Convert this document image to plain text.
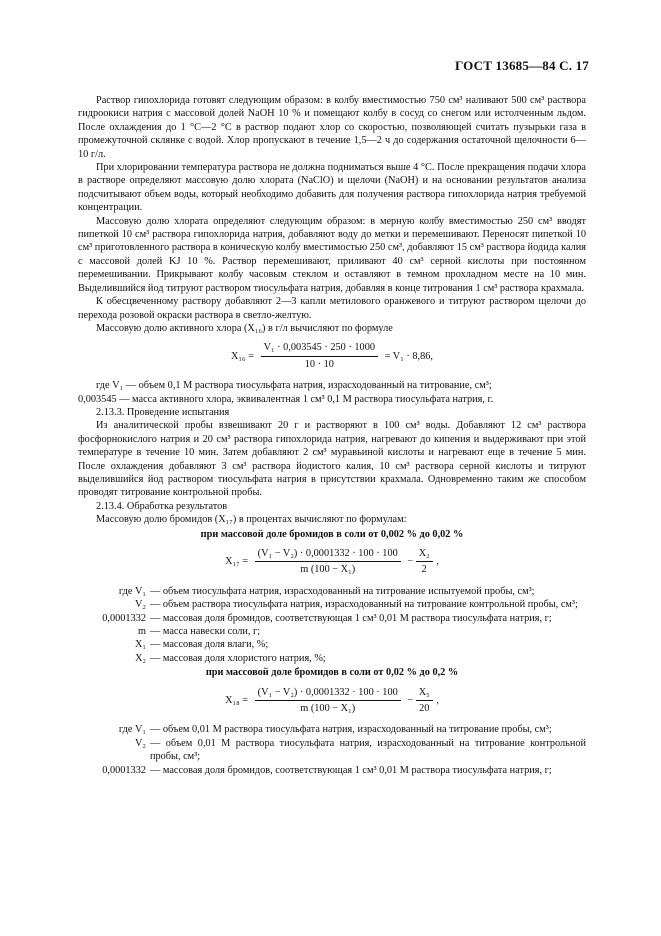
ГОСТ 13685—84 С. 17

Раствор гипохлорида готовят следующим образом: в колбу вместимостью 750 см³ наливают 500 см³ раствора гидроокиси натрия с массовой долей NaOH 10 % и помещают колбу в сосуд со снегом или истолченным льдом. После охлаждения до 1 °С—2 °С в раствор подают хлор со скоростью, позволяющей считать пузырьки газа в промежуточной склянке с водой. Хлор пропускают в течение 1,5—2 ч до содержания остаточной щелочности 6—10 г/л.

При хлорировании температура раствора не должна подниматься выше 4 °С. После прекращения подачи хлора в растворе определяют массовую долю хлората (NaClO) и щелочи (NaOH) и на основании результатов анализа подсчитывают объем воды, который необходимо добавить для получения раствора гипохлорида натрия требуемой концентрации.

Массовую долю хлората определяют следующим образом: в мерную колбу вместимостью 250 см³ вводят пипеткой 10 см³ раствора гипохлорида натрия, добавляют воду до метки и перемешивают. Переносят пипеткой 10 см³ приготовленного раствора в коническую колбу вместимостью 250 см³, добавляют 15 см³ раствора йодида калия с массовой долей KJ 10 %. Раствор перемешивают, приливают 40 см³ серной кислоты при постоянном перемешивании. Прикрывают колбу часовым стеклом и оставляют в темном прохладном месте на 10 мин. Выделившийся йод титруют раствором тиосульфата натрия, добавляя в конце титрования 1 см³ раствора крахмала.

К обесцвеченному раствору добавляют 2—3 капли метилового оранжевого и титруют раствором щелочи до перехода розовой окраски раствора в светло-желтую.

Массовую долю активного хлора (X₁₆) в г/л вычисляют по формуле

$X_{16} = \frac{\text{V₁ · 0,003545 · 250 · 1000}}{10 \cdot 10} = V_1 \cdot 8,86$,

где V₁ — объем 0,1 М раствора тиосульфата натрия, израсходованный на титрование, см³;

0,003545 — масса активного хлора, эквивалентная 1 см³ 0,1 М раствора тиосульфата натрия, г.

2.13.3. Проведение испытания

Из аналитической пробы взвешивают 20 г и растворяют в 100 см³ воды. Добавляют 12 см³ раствора фосфорнокислого натрия и 20 см³ раствора гипохлорида натрия, нагревают до кипения и выдерживают при этой температуре в течение 10 мин. Затем добавляют 2 см³ муравьиной кислоты и нагревают еще в течение 5 мин. После охлаждения добавляют 3 см³ раствора йодистого калия, 10 см³ раствора серной кислоты и титруют выделившийся йод раствором тиосульфата натрия в присутствии крахмала. Одновременно таким же способом проводят титрование контрольной пробы.

2.13.4. Обработка результатов

Массовую долю бромидов (X₁₇) в процентах вычисляют по формулам:

при массовой доле бромидов в соли от 0,002 % до 0,02 %

$X_{17} = \frac{\text{(V₁ − V₂) · 0,0001332 · 100 · 100}}{\text{m (100 − X₁)}} - \frac{\text{X₂}}{2}$ ,
где V₁ — объем тиосульфата натрия, израсходованный на титрование испытуемой пробы, см³;
V₂ — объем раствора тиосульфата натрия, израсходованный на титрование контрольной пробы, см³;
0,0001332 — массовая доля бромидов, соответствующая 1 см³ 0,01 М раствора тиосульфата натрия, г;
m — масса навески соли, г;
X₁ — массовая доля влаги, %;
X₂ — массовая доля хлористого натрия, %;

при массовой доле бромидов в соли от 0,02 % до 0,2 %

$X_{18} = \frac{\text{(V₁ − V₂) · 0,0001332 · 100 · 100}}{\text{m (100 − X₁)}} - \frac{\text{X₅}}{20}$ ,
где V₁ — объем 0,01 М раствора тиосульфата натрия, израсходованный на титрование пробы, см³;
V₂ — объем 0,01 М раствора тиосульфата натрия, израсходованный на титрование контрольной пробы, см³;
0,0001332 — массовая доля бромидов, соответствующая 1 см³ 0,01 М раствора тиосульфата натрия, г;
